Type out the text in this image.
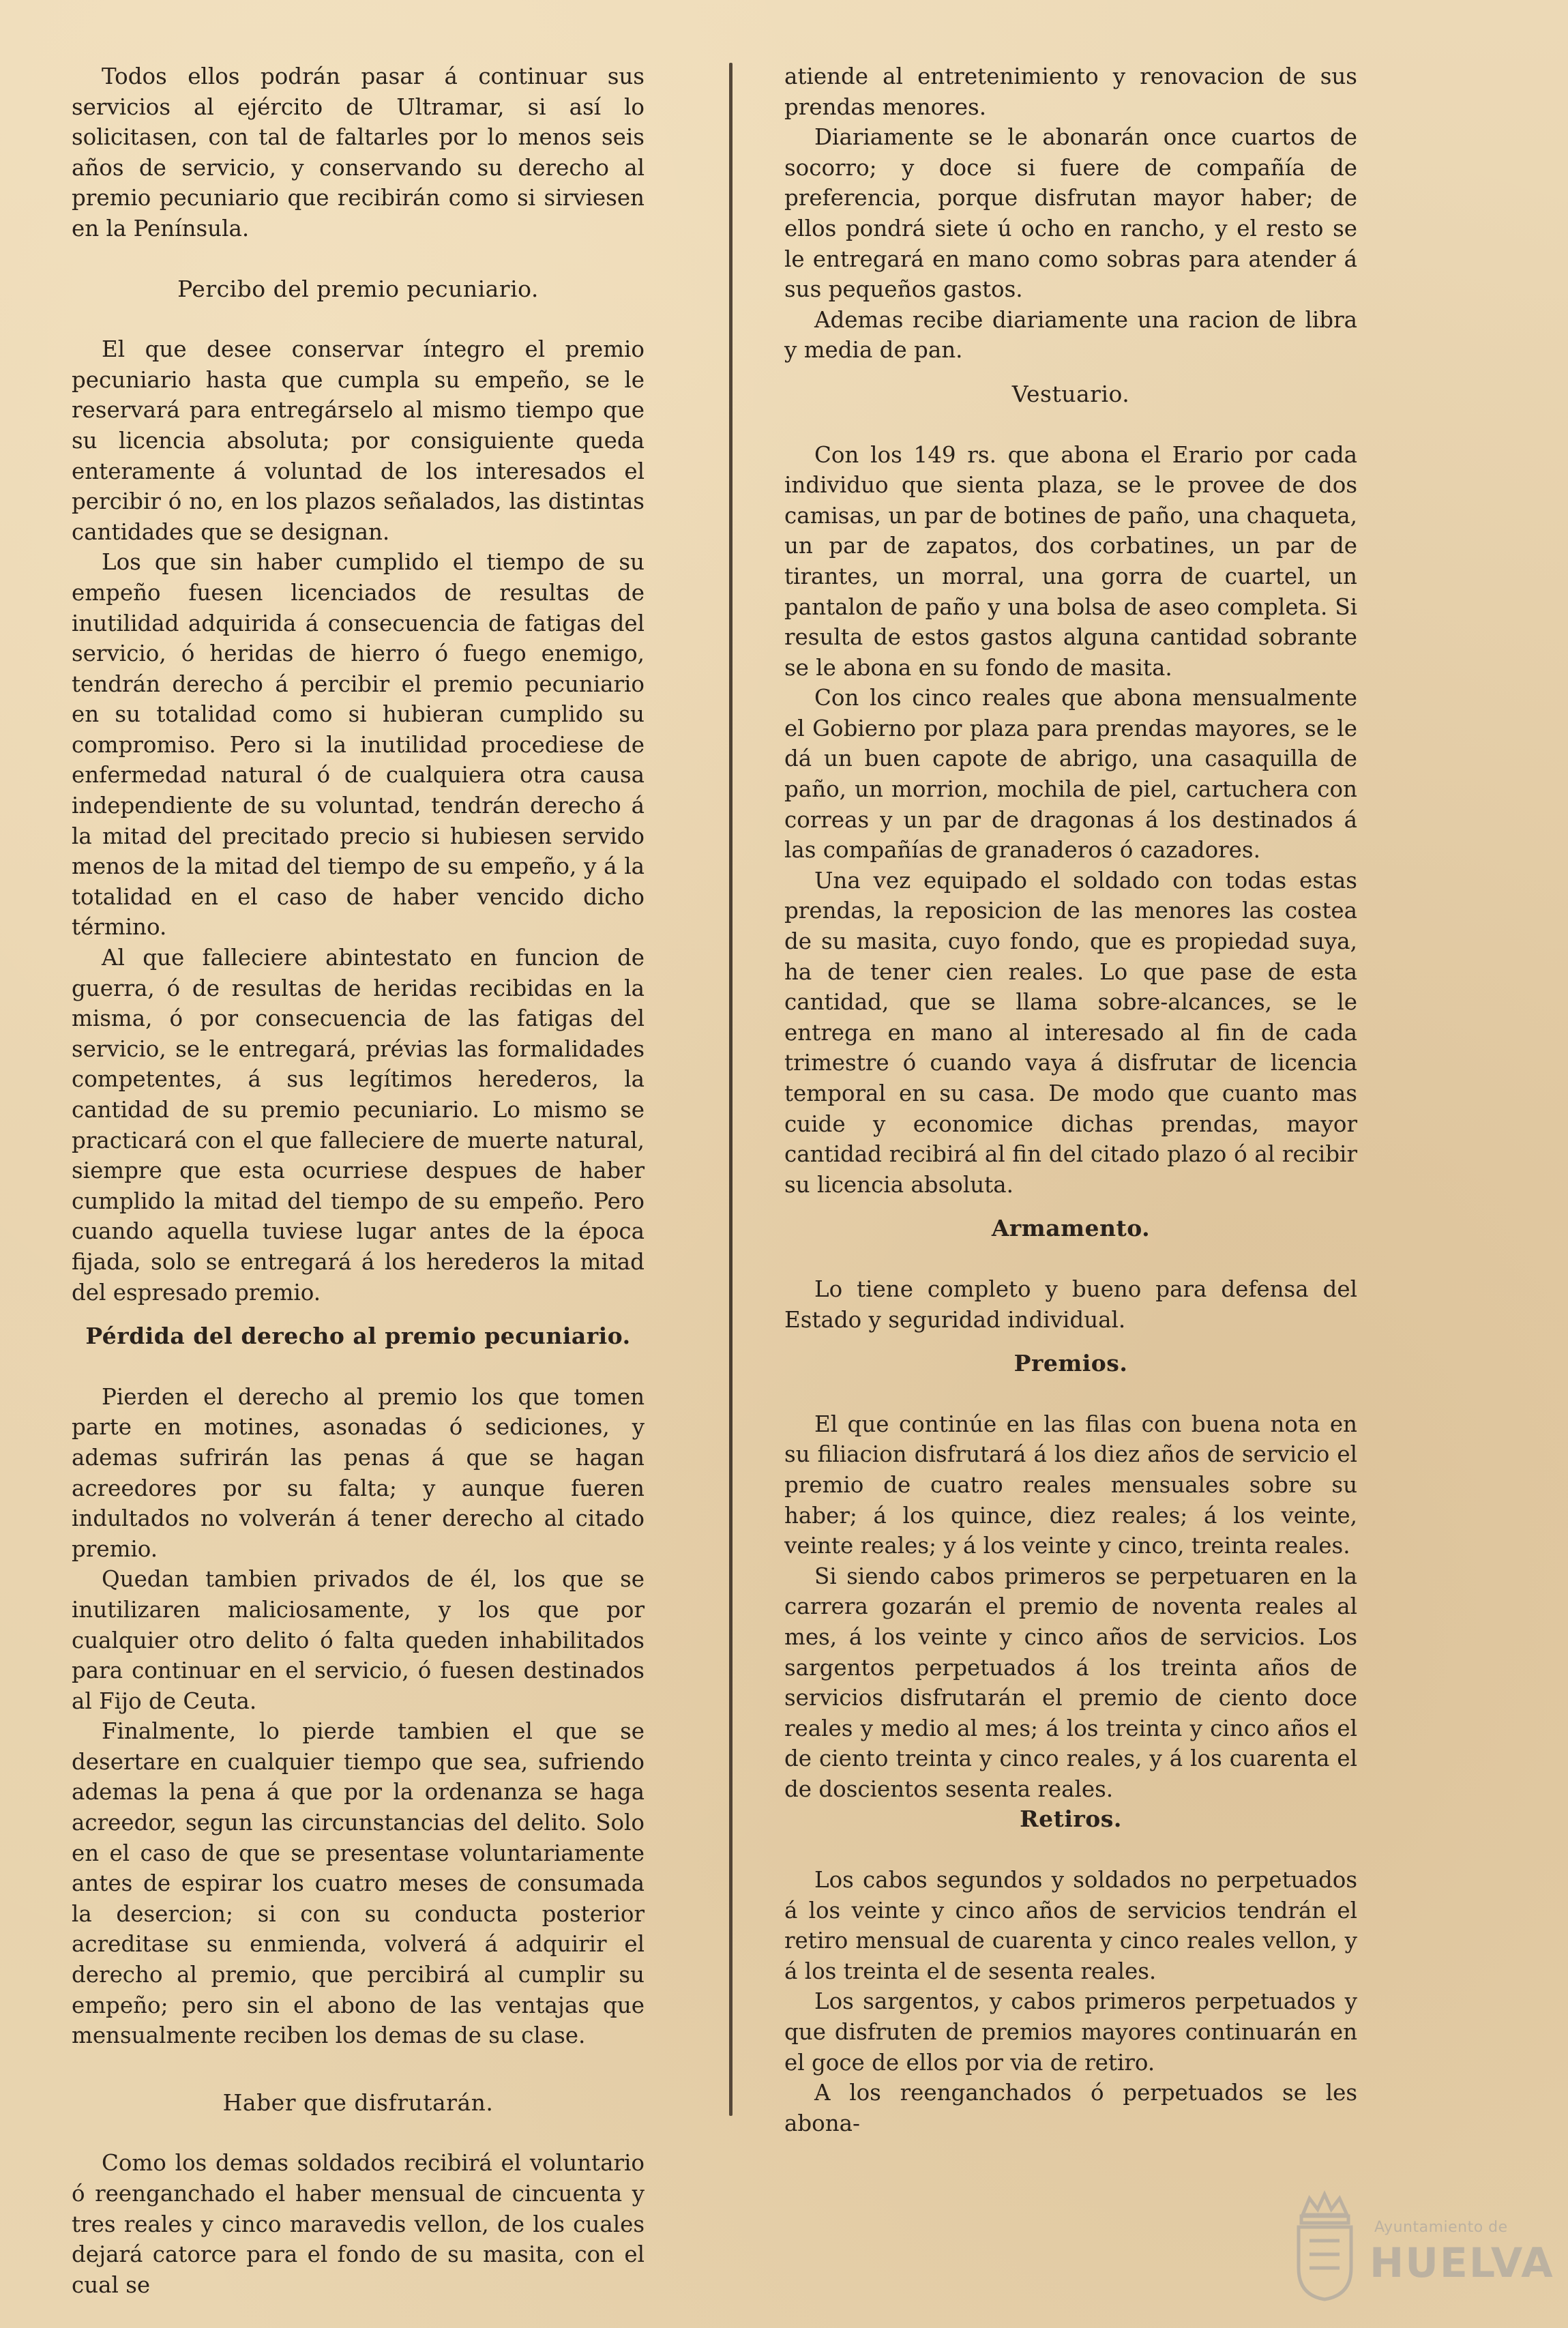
Todos ellos podrán pasar á continuar sus servicios al ejército de Ultramar, si así lo solicitasen, con tal de faltarles por lo menos seis años de servicio, y conservando su derecho al premio pecuniario que recibirán como si sirviesen en la Península.

Percibo del premio pecuniario.

El que desee conservar íntegro el premio pecuniario hasta que cumpla su empeño, se le reservará para entregárselo al mismo tiempo que su licencia absoluta; por consiguiente queda enteramente á voluntad de los interesados el percibir ó no, en los plazos señalados, las distintas cantidades que se designan.

Los que sin haber cumplido el tiempo de su empeño fuesen licenciados de resultas de inutilidad adquirida á consecuencia de fatigas del servicio, ó heridas de hierro ó fuego enemigo, tendrán derecho á percibir el premio pecuniario en su totalidad como si hubieran cumplido su compromiso. Pero si la inutilidad procediese de enfermedad natural ó de cualquiera otra causa independiente de su voluntad, tendrán derecho á la mitad del precitado precio si hubiesen servido menos de la mitad del tiempo de su empeño, y á la totalidad en el caso de haber vencido dicho término.

Al que falleciere abintestato en funcion de guerra, ó de resultas de heridas recibidas en la misma, ó por consecuencia de las fatigas del servicio, se le entregará, prévias las formalidades competentes, á sus legítimos herederos, la cantidad de su premio pecuniario. Lo mismo se practicará con el que falleciere de muerte natural, siempre que esta ocurriese despues de haber cumplido la mitad del tiempo de su empeño. Pero cuando aquella tuviese lugar antes de la época fijada, solo se entregará á los herederos la mitad del espresado premio.

Pérdida del derecho al premio pecuniario.

Pierden el derecho al premio los que tomen parte en motines, asonadas ó sediciones, y ademas sufrirán las penas á que se hagan acreedores por su falta; y aunque fueren indultados no volverán á tener derecho al citado premio.

Quedan tambien privados de él, los que se inutilizaren maliciosamente, y los que por cualquier otro delito ó falta queden inhabilitados para continuar en el servicio, ó fuesen destinados al Fijo de Ceuta.

Finalmente, lo pierde tambien el que se desertare en cualquier tiempo que sea, sufriendo ademas la pena á que por la ordenanza se haga acreedor, segun las circunstancias del delito. Solo en el caso de que se presentase voluntariamente antes de espirar los cuatro meses de consumada la desercion; si con su conducta posterior acreditase su enmienda, volverá á adquirir el derecho al premio, que percibirá al cumplir su empeño; pero sin el abono de las ventajas que mensualmente reciben los demas de su clase.

Haber que disfrutarán.

Como los demas soldados recibirá el voluntario ó reenganchado el haber mensual de cincuenta y tres reales y cinco maravedis vellon, de los cuales dejará catorce para el fondo de su masita, con el cual se

atiende al entretenimiento y renovacion de sus prendas menores.

Diariamente se le abonarán once cuartos de socorro; y doce si fuere de compañía de preferencia, porque disfrutan mayor haber; de ellos pondrá siete ú ocho en rancho, y el resto se le entregará en mano como sobras para atender á sus pequeños gastos.

Ademas recibe diariamente una racion de libra y media de pan.

Vestuario.

Con los 149 rs. que abona el Erario por cada individuo que sienta plaza, se le provee de dos camisas, un par de botines de paño, una chaqueta, un par de zapatos, dos corbatines, un par de tirantes, un morral, una gorra de cuartel, un pantalon de paño y una bolsa de aseo completa. Si resulta de estos gastos alguna cantidad sobrante se le abona en su fondo de masita.

Con los cinco reales que abona mensualmente el Gobierno por plaza para prendas mayores, se le dá un buen capote de abrigo, una casaquilla de paño, un morrion, mochila de piel, cartuchera con correas y un par de dragonas á los destinados á las compañías de granaderos ó cazadores.

Una vez equipado el soldado con todas estas prendas, la reposicion de las menores las costea de su masita, cuyo fondo, que es propiedad suya, ha de tener cien reales. Lo que pase de esta cantidad, que se llama sobre-alcances, se le entrega en mano al interesado al fin de cada trimestre ó cuando vaya á disfrutar de licencia temporal en su casa. De modo que cuanto mas cuide y economice dichas prendas, mayor cantidad recibirá al fin del citado plazo ó al recibir su licencia absoluta.

Armamento.

Lo tiene completo y bueno para defensa del Estado y seguridad individual.

Premios.

El que continúe en las filas con buena nota en su filiacion disfrutará á los diez años de servicio el premio de cuatro reales mensuales sobre su haber; á los quince, diez reales; á los veinte, veinte reales; y á los veinte y cinco, treinta reales.

Si siendo cabos primeros se perpetuaren en la carrera gozarán el premio de noventa reales al mes, á los veinte y cinco años de servicios. Los sargentos perpetuados á los treinta años de servicios disfrutarán el premio de ciento doce reales y medio al mes; á los treinta y cinco años el de ciento treinta y cinco reales, y á los cuarenta el de doscientos sesenta reales.

Retiros.

Los cabos segundos y soldados no perpetuados á los veinte y cinco años de servicios tendrán el retiro mensual de cuarenta y cinco reales vellon, y á los treinta el de sesenta reales.

Los sargentos, y cabos primeros perpetuados y que disfruten de premios mayores continuarán en el goce de ellos por via de retiro.

A los reenganchados ó perpetuados se les abona-

Ayuntamiento de
HUELVA
